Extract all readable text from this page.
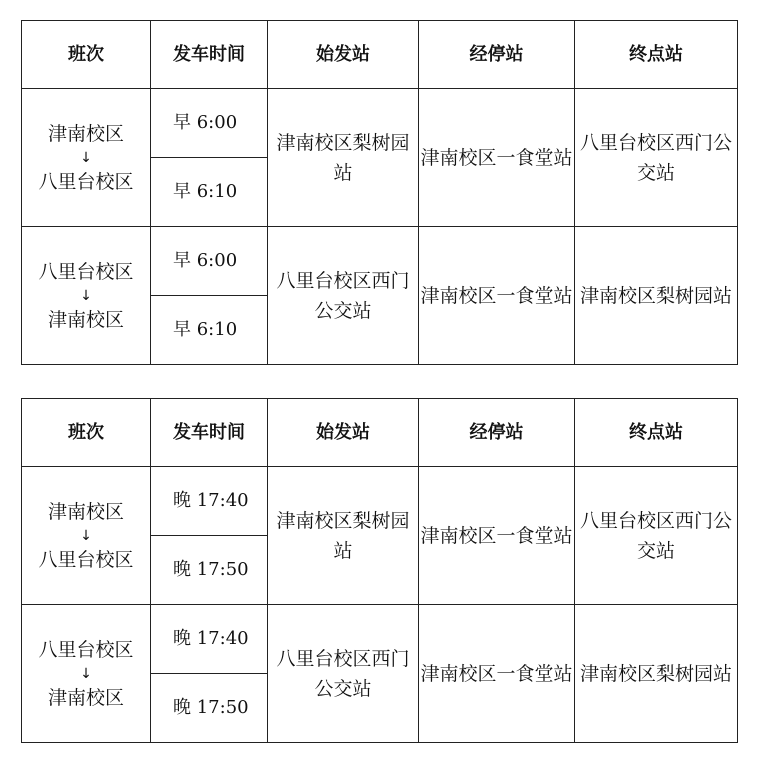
班次	发车时间	始发站	经停站	终点站

津南校区
↓
八里台校区	早 6:00	津南校区梨树园站	津南校区一食堂站	八里台校区西门公交站
	早 6:10			

八里台校区
↓
津南校区	早 6:00	八里台校区西门公交站	津南校区一食堂站	津南校区梨树园站
	早 6:10			
班次	发车时间	始发站	经停站	终点站

津南校区
↓
八里台校区	晚 17:40	津南校区梨树园站	津南校区一食堂站	八里台校区西门公交站
	晚 17:50			

八里台校区
↓
津南校区	晚 17:40	八里台校区西门公交站	津南校区一食堂站	津南校区梨树园站
	晚 17:50			
